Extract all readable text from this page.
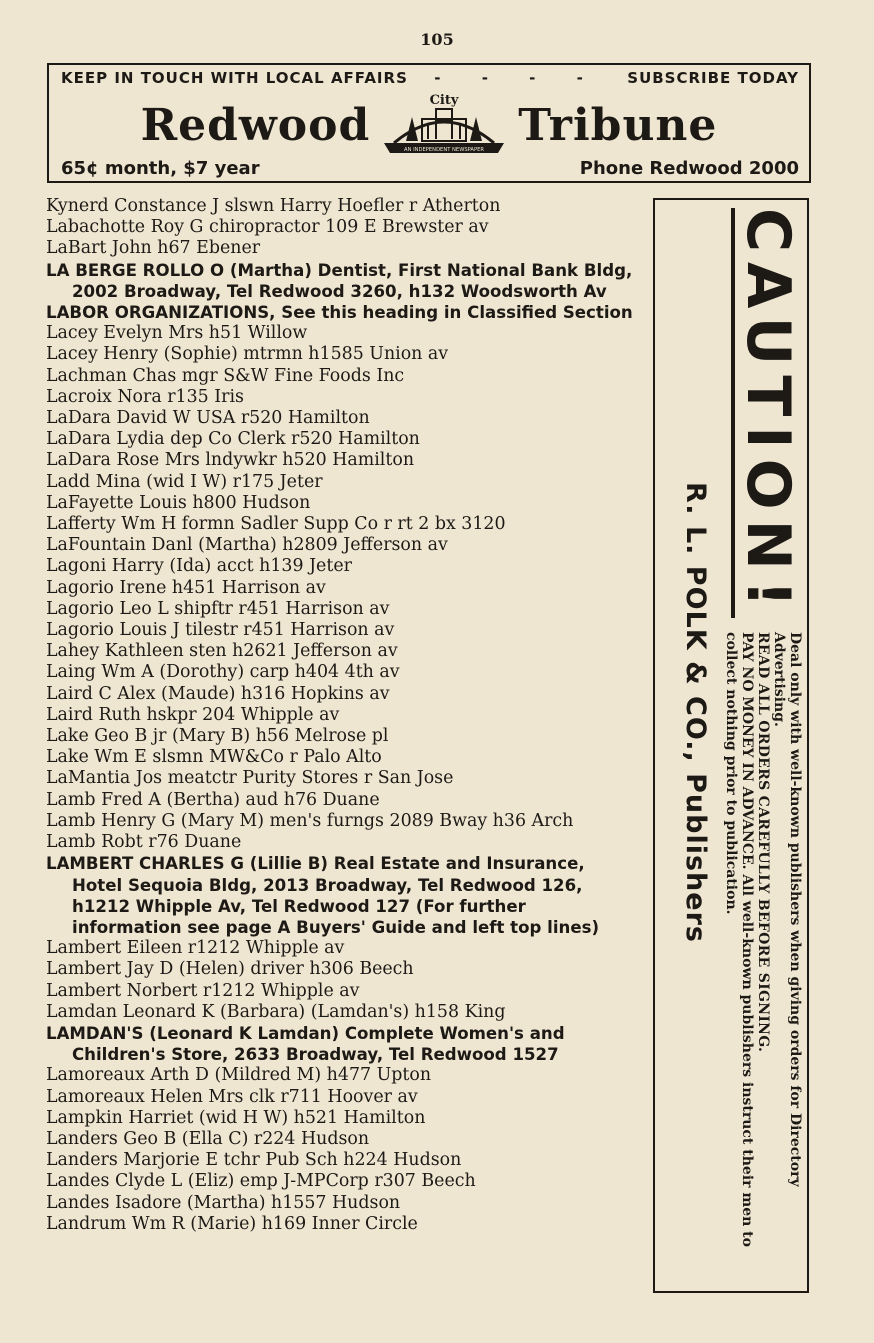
105
KEEP IN TOUCH WITH LOCAL AFFAIRS - - - - SUBSCRIBE TODAY
Redwood	City
AN INDEPENDENT NEWSPAPER Tribune
65¢ month, $7 year	Phone Redwood 2000

Kynerd Constance J slswn Harry Hoefler r Atherton

Labachotte Roy G chiropractor 109 E Brewster av

LaBart John h67 Ebener

LA BERGE ROLLO O (Martha) Dentist, First National Bank Bldg, 2002 Broadway, Tel Redwood 3260, h132 Woodsworth Av

LABOR ORGANIZATIONS, See this heading in Classified Section

Lacey Evelyn Mrs h51 Willow

Lacey Henry (Sophie) mtrmn h1585 Union av

Lachman Chas mgr S&W Fine Foods Inc

Lacroix Nora r135 Iris

LaDara David W USA r520 Hamilton

LaDara Lydia dep Co Clerk r520 Hamilton

LaDara Rose Mrs lndywkr h520 Hamilton

Ladd Mina (wid I W) r175 Jeter

LaFayette Louis h800 Hudson

Lafferty Wm H formn Sadler Supp Co r rt 2 bx 3120

LaFountain Danl (Martha) h2809 Jefferson av

Lagoni Harry (Ida) acct h139 Jeter

Lagorio Irene h451 Harrison av

Lagorio Leo L shipftr r451 Harrison av

Lagorio Louis J tilestr r451 Harrison av

Lahey Kathleen sten h2621 Jefferson av

Laing Wm A (Dorothy) carp h404 4th av

Laird C Alex (Maude) h316 Hopkins av

Laird Ruth hskpr 204 Whipple av

Lake Geo B jr (Mary B) h56 Melrose pl

Lake Wm E slsmn MW&Co r Palo Alto

LaMantia Jos meatctr Purity Stores r San Jose

Lamb Fred A (Bertha) aud h76 Duane

Lamb Henry G (Mary M) men's furngs 2089 Bway h36 Arch

Lamb Robt r76 Duane

LAMBERT CHARLES G (Lillie B) Real Estate and Insurance, Hotel Sequoia Bldg, 2013 Broadway, Tel Redwood 126, h1212 Whipple Av, Tel Redwood 127 (For further information see page A Buyers' Guide and left top lines)

Lambert Eileen r1212 Whipple av

Lambert Jay D (Helen) driver h306 Beech

Lambert Norbert r1212 Whipple av

Lamdan Leonard K (Barbara) (Lamdan's) h158 King

LAMDAN'S (Leonard K Lamdan) Complete Women's and Children's Store, 2633 Broadway, Tel Redwood 1527

Lamoreaux Arth D (Mildred M) h477 Upton

Lamoreaux Helen Mrs clk r711 Hoover av

Lampkin Harriet (wid H W) h521 Hamilton

Landers Geo B (Ella C) r224 Hudson

Landers Marjorie E tchr Pub Sch h224 Hudson

Landes Clyde L (Eliz) emp J-MPCorp r307 Beech

Landes Isadore (Martha) h1557 Hudson

Landrum Wm R (Marie) h169 Inner Circle

CAUTION!
Deal only with well-known publishers when giving orders for Directory Advertising.
READ ALL ORDERS CAREFULLY BEFORE SIGNING.
PAY NO MONEY IN ADVANCE. All well-known publishers instruct their men to collect nothing prior to publication.
R. L. POLK & CO., Publishers
